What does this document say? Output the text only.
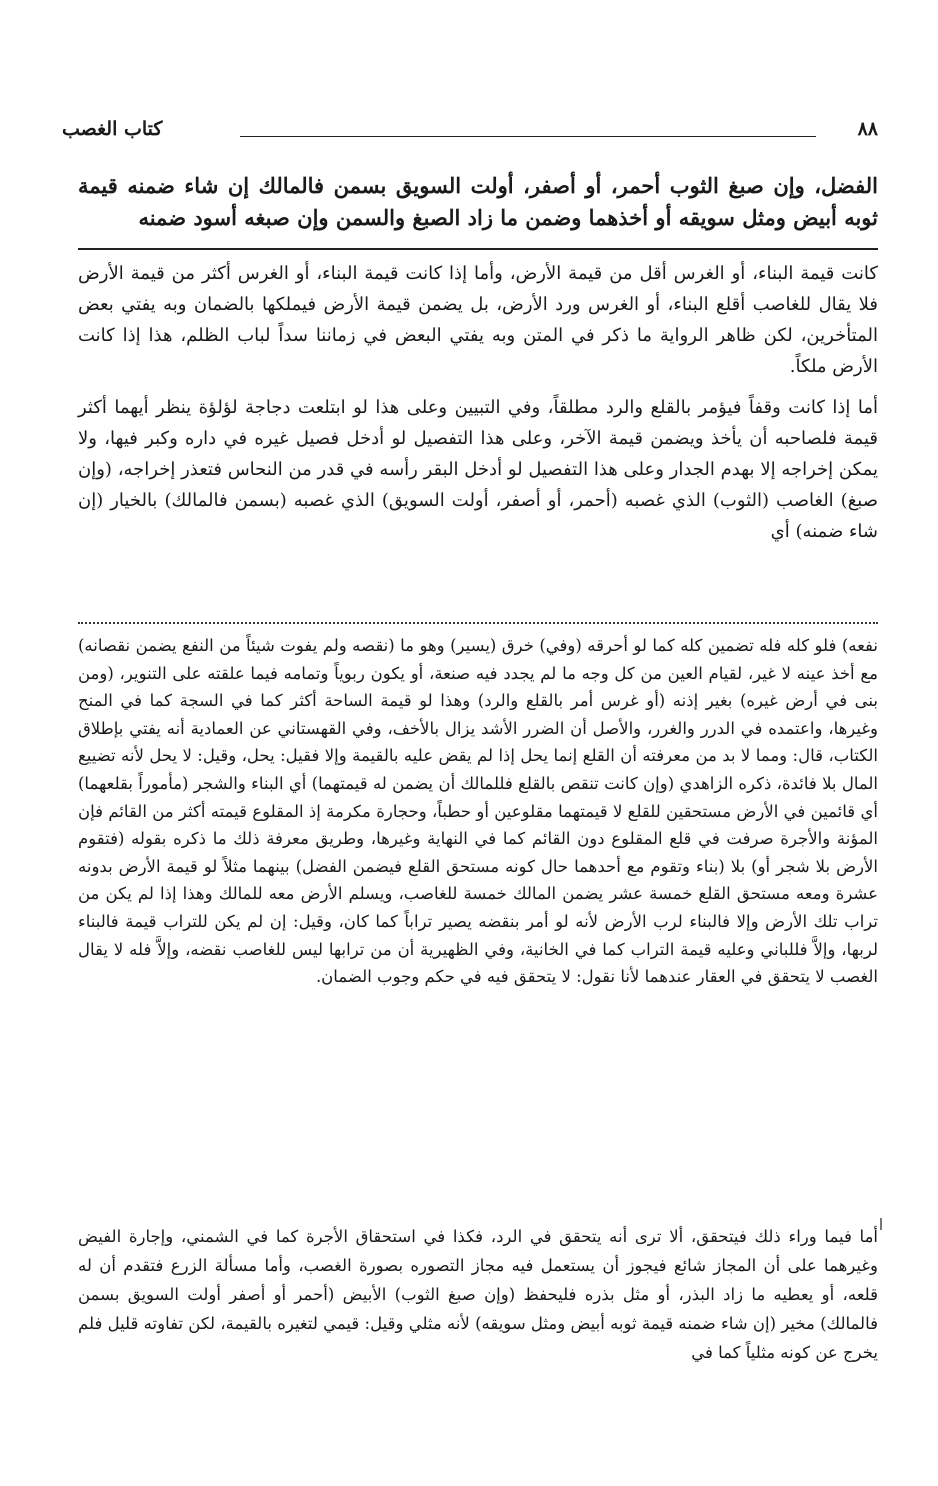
٨٨
كتاب الغصب
الفضل، وإن صبغ الثوب أحمر، أو أصفر، أولت السويق بسمن فالمالك إن شاء ضمنه قيمة ثوبه أبيض ومثل سويقه أو أخذهما وضمن ما زاد الصبغ والسمن وإن صبغه أسود ضمنه

كانت قيمة البناء، أو الغرس أقل من قيمة الأرض، وأما إذا كانت قيمة البناء، أو الغرس أكثر من قيمة الأرض فلا يقال للغاصب أقلع البناء، أو الغرس ورد الأرض، بل يضمن قيمة الأرض فيملكها بالضمان وبه يفتي بعض المتأخرين، لكن ظاهر الرواية ما ذكر في المتن وبه يفتي البعض في زماننا سداً لباب الظلم، هذا إذا كانت الأرض ملكاً.

أما إذا كانت وقفاً فيؤمر بالقلع والرد مطلقاً، وفي التبيين وعلى هذا لو ابتلعت دجاجة لؤلؤة ينظر أيهما أكثر قيمة فلصاحبه أن يأخذ ويضمن قيمة الآخر، وعلى هذا التفصيل لو أدخل فصيل غيره في داره وكبر فيها، ولا يمكن إخراجه إلا بهدم الجدار وعلى هذا التفصيل لو أدخل البقر رأسه في قدر من النحاس فتعذر إخراجه، (وإن صبغ) الغاصب (الثوب) الذي غصبه (أحمر، أو أصفر، أولت السويق) الذي غصبه (بسمن فالمالك) بالخيار (إن شاء ضمنه) أي

نفعه) فلو كله فله تضمين كله كما لو أحرقه (وفي) خرق (يسير) وهو ما (نقصه ولم يفوت شيئاً من النفع يضمن نقصانه) مع أخذ عينه لا غير، لقيام العين من كل وجه ما لم يجدد فيه صنعة، أو يكون ربوياً وتمامه فيما علقته على التنوير، (ومن بنى في أرض غيره) بغير إذنه (أو غرس أمر بالقلع والرد) وهذا لو قيمة الساحة أكثر كما في السجة كما في المنح وغيرها، واعتمده في الدرر والغرر، والأصل أن الضرر الأشد يزال بالأخف، وفي القهستاني عن العمادية أنه يفتي بإطلاق الكتاب، قال: ومما لا بد من معرفته أن القلع إنما يحل إذا لم يقض عليه بالقيمة وإلا فقيل: يحل، وقيل: لا يحل لأنه تضييع المال بلا فائدة، ذكره الزاهدي (وإن كانت تنقص بالقلع فللمالك أن يضمن له قيمتهما) أي البناء والشجر (مأموراً بقلعهما) أي قائمين في الأرض مستحقين للقلع لا قيمتهما مقلوعين أو حطباً، وحجارة مكرمة إذ المقلوع قيمته أكثر من القائم فإن المؤنة والأجرة صرفت في قلع المقلوع دون القائم كما في النهاية وغيرها، وطريق معرفة ذلك ما ذكره بقوله (فتقوم الأرض بلا شجر أو) بلا (بناء وتقوم مع أحدهما حال كونه مستحق القلع فيضمن الفضل) بينهما مثلاً لو قيمة الأرض بدونه عشرة ومعه مستحق القلع خمسة عشر يضمن المالك خمسة للغاصب، ويسلم الأرض معه للمالك وهذا إذا لم يكن من تراب تلك الأرض وإلا فالبناء لرب الأرض لأنه لو أمر بنقضه يصير تراباً كما كان، وقيل: إن لم يكن للتراب قيمة فالبناء لربها، وإلاَّ فللباني وعليه قيمة التراب كما في الخانية، وفي الظهيرية أن من ترابها ليس للغاصب نقضه، وإلاَّ فله لا يقال الغصب لا يتحقق في العقار عندهما لأنا نقول: لا يتحقق فيه في حكم وجوب الضمان.

أما فيما وراء ذلك فيتحقق، ألا ترى أنه يتحقق في الرد، فكذا في استحقاق الأجرة كما في الشمني، وإجارة الفيض وغيرهما على أن المجاز شائع فيجوز أن يستعمل فيه مجاز التصوره بصورة الغصب، وأما مسألة الزرع فتقدم أن له قلعه، أو يعطيه ما زاد البذر، أو مثل بذره فليحفظ (وإن صبغ الثوب) الأبيض (أحمر أو أصفر أولت السويق بسمن فالمالك) مخير (إن شاء ضمنه قيمة ثوبه أبيض ومثل سويقه) لأنه مثلي وقيل: قيمي لتغيره بالقيمة، لكن تفاوته قليل فلم يخرج عن كونه مثلياً كما في
